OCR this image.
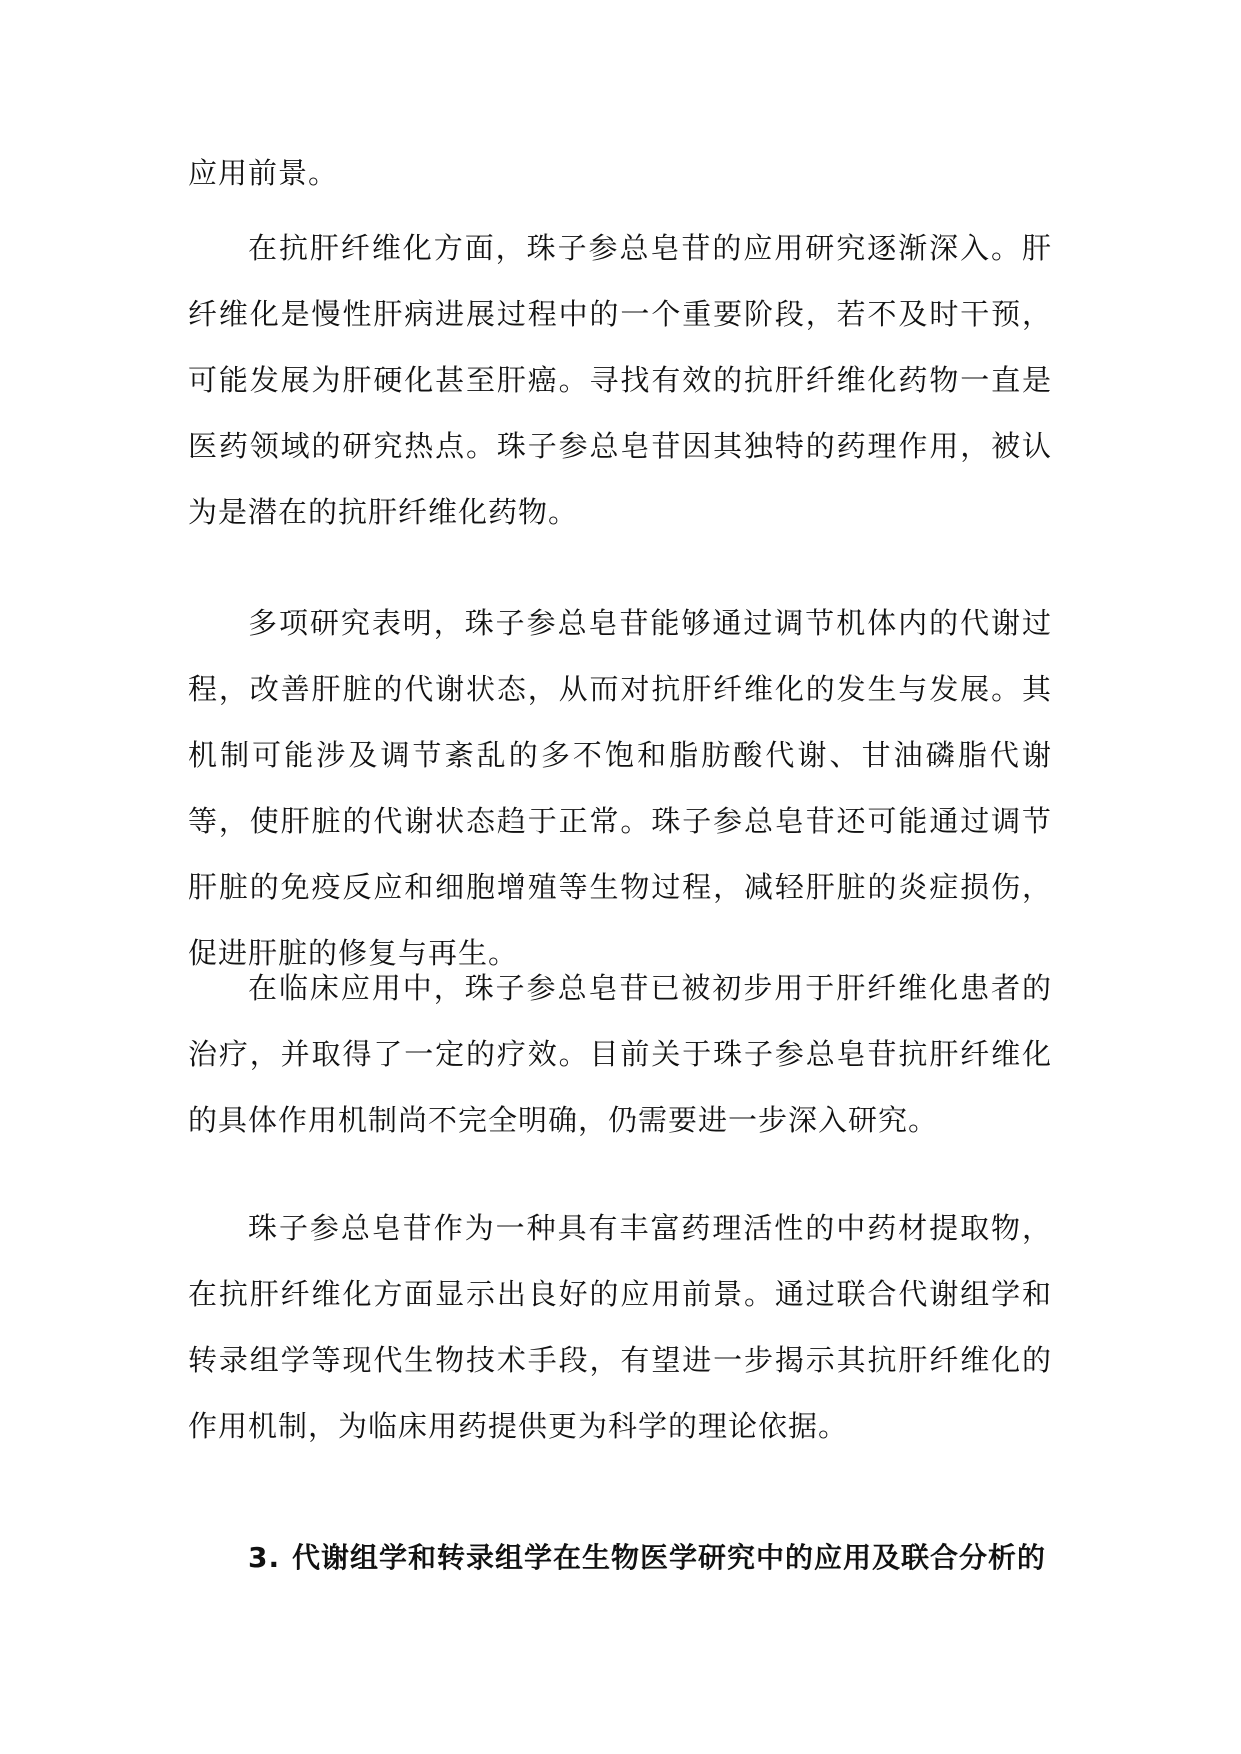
应用前景。

在抗肝纤维化方面，珠子参总皂苷的应用研究逐渐深入。肝纤维化是慢性肝病进展过程中的一个重要阶段，若不及时干预，可能发展为肝硬化甚至肝癌。寻找有效的抗肝纤维化药物一直是医药领域的研究热点。珠子参总皂苷因其独特的药理作用，被认为是潜在的抗肝纤维化药物。

多项研究表明，珠子参总皂苷能够通过调节机体内的代谢过程，改善肝脏的代谢状态，从而对抗肝纤维化的发生与发展。其机制可能涉及调节紊乱的多不饱和脂肪酸代谢、甘油磷脂代谢等，使肝脏的代谢状态趋于正常。珠子参总皂苷还可能通过调节肝脏的免疫反应和细胞增殖等生物过程，减轻肝脏的炎症损伤，促进肝脏的修复与再生。

在临床应用中，珠子参总皂苷已被初步用于肝纤维化患者的治疗，并取得了一定的疗效。目前关于珠子参总皂苷抗肝纤维化的具体作用机制尚不完全明确，仍需要进一步深入研究。

珠子参总皂苷作为一种具有丰富药理活性的中药材提取物，在抗肝纤维化方面显示出良好的应用前景。通过联合代谢组学和转录组学等现代生物技术手段，有望进一步揭示其抗肝纤维化的作用机制，为临床用药提供更为科学的理论依据。

3. 代谢组学和转录组学在生物医学研究中的应用及联合分析的
